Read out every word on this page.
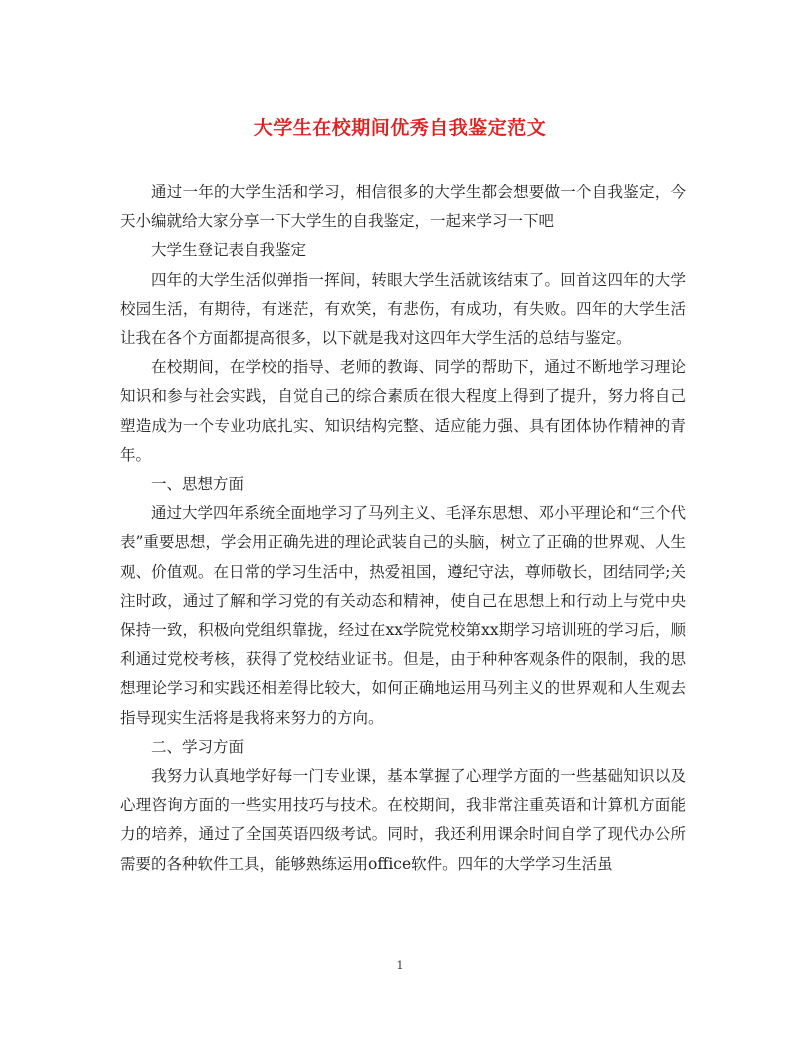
大学生在校期间优秀自我鉴定范文

通过一年的大学生活和学习，相信很多的大学生都会想要做一个自我鉴定，今天小编就给大家分享一下大学生的自我鉴定，一起来学习一下吧

大学生登记表自我鉴定

四年的大学生活似弹指一挥间，转眼大学生活就该结束了。回首这四年的大学校园生活，有期待，有迷茫，有欢笑，有悲伤，有成功，有失败。四年的大学生活让我在各个方面都提高很多，以下就是我对这四年大学生活的总结与鉴定。

在校期间，在学校的指导、老师的教诲、同学的帮助下，通过不断地学习理论知识和参与社会实践，自觉自己的综合素质在很大程度上得到了提升，努力将自己塑造成为一个专业功底扎实、知识结构完整、适应能力强、具有团体协作精神的青年。

一、思想方面

通过大学四年系统全面地学习了马列主义、毛泽东思想、邓小平理论和“三个代表”重要思想，学会用正确先进的理论武装自己的头脑，树立了正确的世界观、人生观、价值观。在日常的学习生活中，热爱祖国，遵纪守法，尊师敬长，团结同学;关注时政，通过了解和学习党的有关动态和精神，使自己在思想上和行动上与党中央保持一致，积极向党组织靠拢，经过在xx学院党校第xx期学习培训班的学习后，顺利通过党校考核，获得了党校结业证书。但是，由于种种客观条件的限制，我的思想理论学习和实践还相差得比较大，如何正确地运用马列主义的世界观和人生观去指导现实生活将是我将来努力的方向。

二、学习方面

我努力认真地学好每一门专业课，基本掌握了心理学方面的一些基础知识以及心理咨询方面的一些实用技巧与技术。在校期间，我非常注重英语和计算机方面能力的培养，通过了全国英语四级考试。同时，我还利用课余时间自学了现代办公所需要的各种软件工具，能够熟练运用office软件。四年的大学学习生活虽

1
